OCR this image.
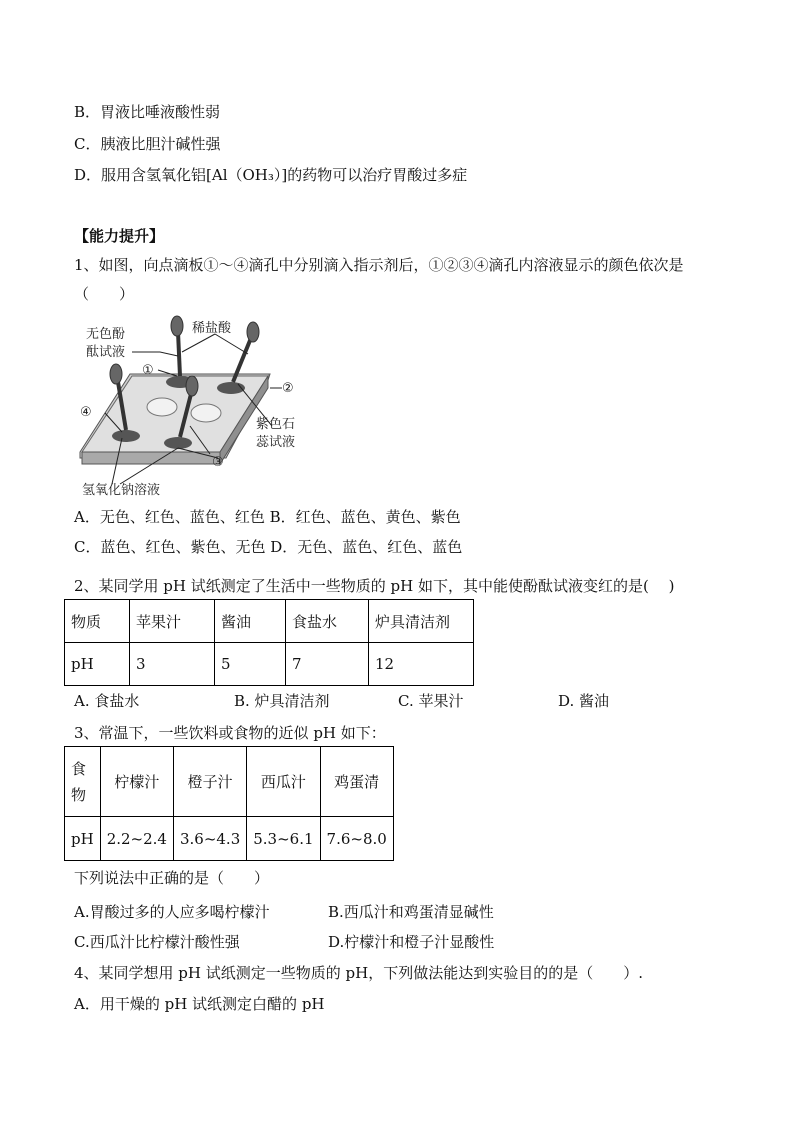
B．胃液比唾液酸性弱
C．胰液比胆汁碱性强
D．服用含氢氧化铝[Al（OH₃）]的药物可以治疗胃酸过多症
【能力提升】
1、如图，向点滴板①～④滴孔中分别滴入指示剂后，①②③④滴孔内溶液显示的颜色依次是
（　　）
无色酚
酞试液
稀盐酸
①
②
④
紫色石
蕊试液
③
氢氧化钠溶液
A．无色、红色、蓝色、红色 B．红色、蓝色、黄色、紫色
C．蓝色、红色、紫色、无色 D．无色、蓝色、红色、蓝色
2、某同学用 pH 试纸测定了生活中一些物质的 pH 如下，其中能使酚酞试液变红的是(　 )
物质	苹果汁	酱油	食盐水	炉具清洁剂
pH	3	5	7	12
A. 食盐水	B. 炉具清洁剂	C. 苹果汁	D. 酱油
3、常温下，一些饮料或食物的近似 pH 如下：
食
物	柠檬汁	橙子汁	西瓜汁	鸡蛋清
pH	2.2~2.4	3.6~4.3	5.3~6.1	7.6~8.0
下列说法中正确的是（　　）
A.胃酸过多的人应多喝柠檬汁	B.西瓜汁和鸡蛋清显碱性
C.西瓜汁比柠檬汁酸性强	D.柠檬汁和橙子汁显酸性
4、某同学想用 pH 试纸测定一些物质的 pH，下列做法能达到实验目的的是（　　）.
A．用干燥的 pH 试纸测定白醋的 pH
